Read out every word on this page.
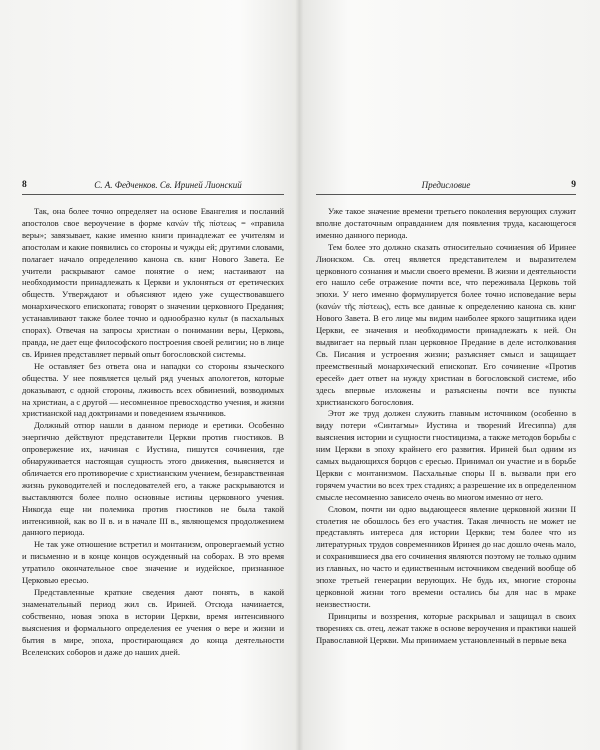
8	С. А. Федченков. Св. Ириней Лионский

Так, она более точно определяет на основе Евангелия и посланий апостолов свое вероучение в форме κανών τῆς πίστεως = «правила веры»; завязывает, какие именно книги принадлежат ее учителям и апостолам и какие появились со стороны и чужды ей; другими словами, полагает начало определению канона св. книг Нового Завета. Ее учители раскрывают самое понятие о нем; настаивают на необходимости принадлежать к Церкви и уклоняться от еретических обществ. Утверждают и объясняют идею уже существовавшего монархического епископата; говорят о значении церковного Предания; устанавливают также более точно и однообразно культ (в пасхальных спорах). Отвечая на запросы христиан о понимании веры, Церковь, правда, не дает еще философского построения своей религии; но в лице св. Иринея представляет первый опыт богословской системы.

Не оставляет без ответа она и нападки со стороны языческого общества. У нее появляется целый ряд ученых апологетов, которые доказывают, с одной стороны, лживость всех обвинений, возводимых на христиан, а с другой — несомненное превосходство учения, и жизни христианской над доктринами и поведением язычников.

Должный отпор нашли в данном периоде и еретики. Особенно энергично действуют представители Церкви против гностиков. В опровержение их, начиная с Иустина, пишутся сочинения, где обнаруживается настоящая сущность этого движения, выясняется и обличается его противоречие с христианским учением, безнравственная жизнь руководителей и последователей его, а также раскрываются и выставляются более полно основные истины церковного учения. Никогда еще ни полемика против гностиков не была такой интенсивной, как во II в. и в начале III в., являющемся продолжением данного периода.

Не так уже отношение встретил и монтанизм, опровергаемый устно и письменно и в конце концов осужденный на соборах. В это время утратило окончательное свое значение и иудейское, признанное Церковью ересью.

Представленные краткие сведения дают понять, в какой знаменательный период жил св. Ириней. Отсюда начинается, собственно, новая эпоха в истории Церкви, время интенсивного выяснения и формального определения ее учения о вере и жизни и бытия в мире, эпоха, простирающаяся до конца деятельности Вселенских соборов и даже до наших дней.

Предисловие	9

Уже такое значение времени третьего поколения верующих служит вполне достаточным оправданием для появления труда, касающегося именно данного периода.

Тем более это должно сказать относительно сочинения об Иринее Лионском. Св. отец является представителем и выразителем церковного сознания и мысли своего времени. В жизни и деятельности его нашло себе отражение почти все, что переживала Церковь той эпохи. У него именно формулируется более точно исповедание веры (κανών τῆς πίστεως), есть все данные к определению канона св. книг Нового Завета. В его лице мы видим наиболее яркого защитника идеи Церкви, ее значения и необходимости принадлежать к ней. Он выдвигает на первый план церковное Предание в деле истолкования Св. Писания и устроения жизни; разъясняет смысл и защищает преемственный монархический епископат. Его сочинение «Против ересей» дает ответ на нужду христиан в богословской системе, ибо здесь впервые изложены и разъяснены почти все пункты христианского богословия.

Этот же труд должен служить главным источником (особенно в виду потери «Синтагмы» Иустина и творений Игесиппа) для выяснения истории и сущности гностицизма, а также методов борьбы с ним Церкви в эпоху крайнего его развития. Ириней был одним из самых выдающихся борцов с ересью. Принимал он участие и в борьбе Церкви с монтанизмом. Пасхальные споры II в. вызвали при его горячем участии во всех трех стадиях; а разрешение их в определенном смысле несомненно зависело очень во многом именно от него.

Словом, почти ни одно выдающееся явление церковной жизни II столетия не обошлось без его участия. Такая личность не может не представлять интереса для истории Церкви; тем более что из литературных трудов современников Иринея до нас дошло очень мало, и сохранившиеся два его сочинения являются поэтому не только одним из главных, но часто и единственным источником сведений вообще об эпохе третьей генерации верующих. Не будь их, многие стороны церковной жизни того времени остались бы для нас в мраке неизвестности.

Принципы и воззрения, которые раскрывал и защищал в своих творениях св. отец, лежат также в основе вероучения и практики нашей Православной Церкви. Мы принимаем установленный в первые века
